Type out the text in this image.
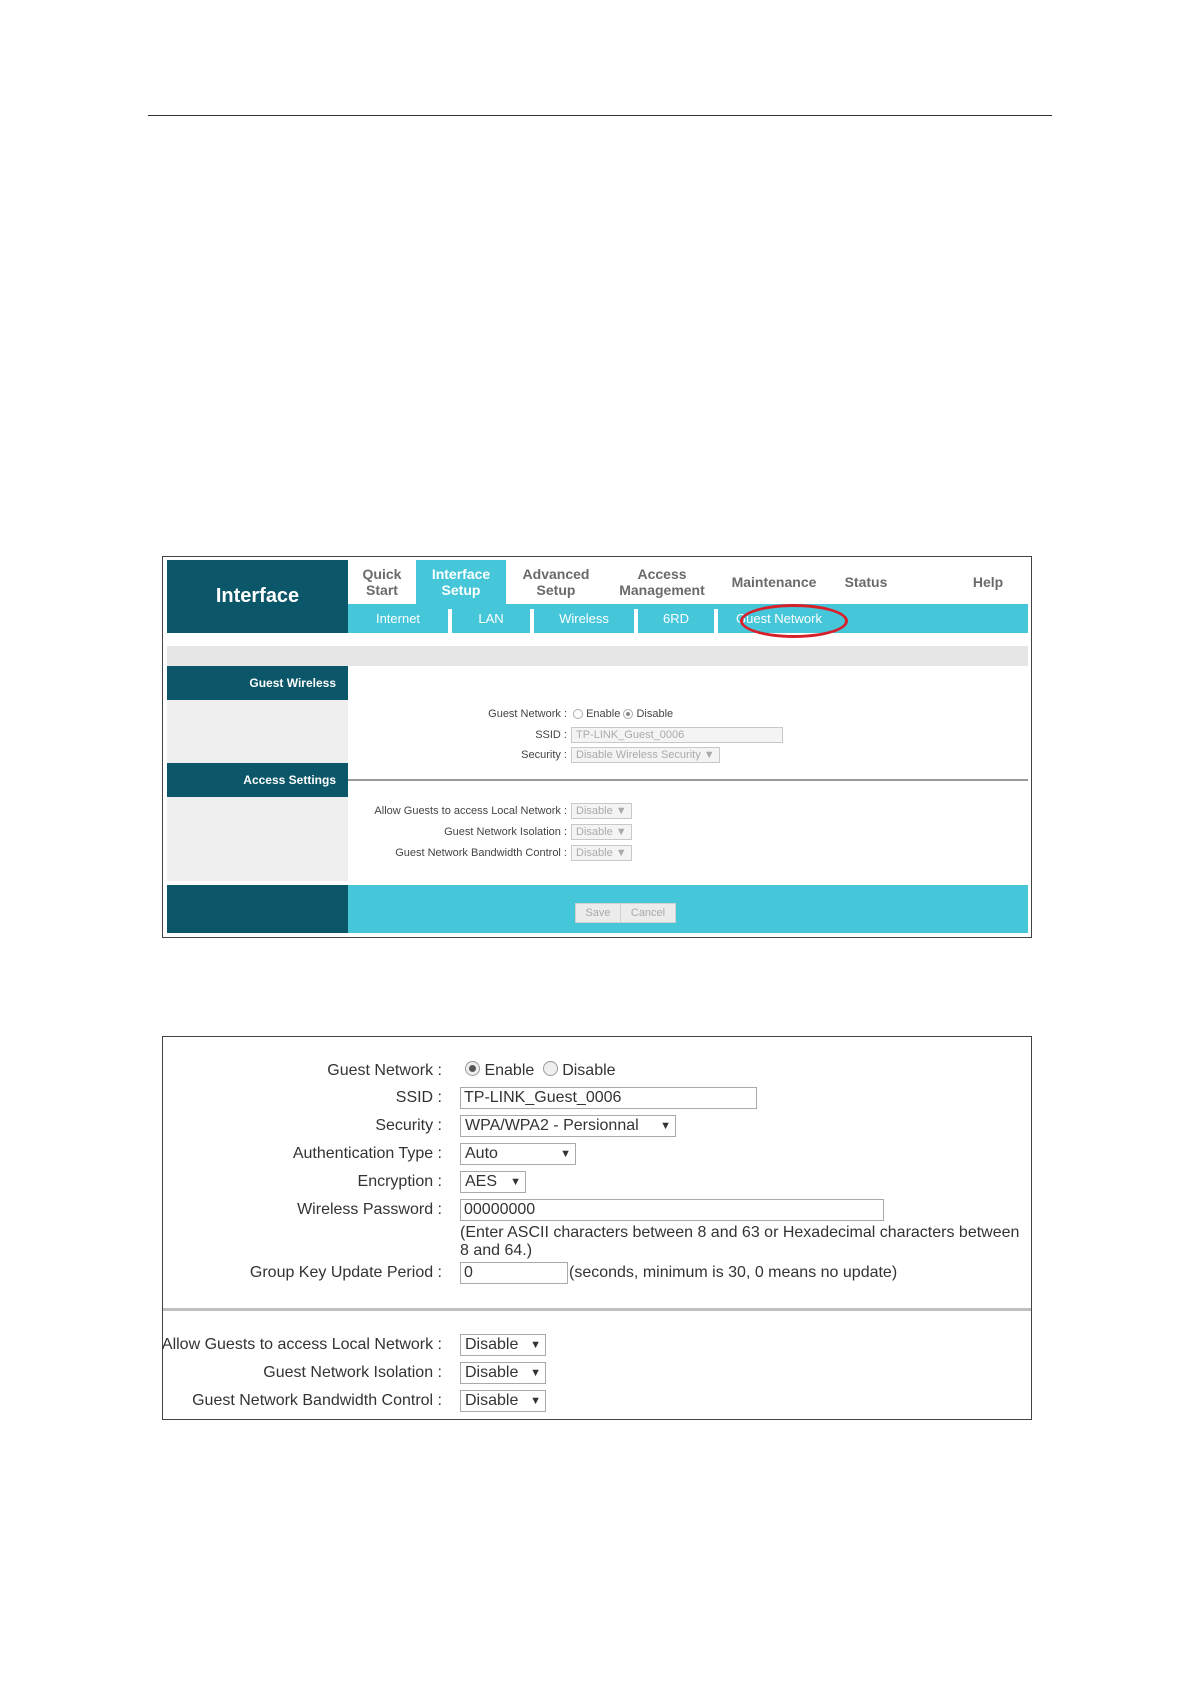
Interface
Quick
Start
Interface
Setup
Advanced
Setup
Access
Management Maintenance Status	Help
Internet	LAN	Wireless	6RD	Guest Network
Guest Wireless
Access Settings
Guest Network :	Enable Disable
SSID : TP-LINK_Guest_0006
Security : Disable Wireless Security
▼
Allow Guests to access Local Network : Disable
▼
Guest Network Isolation : Disable
▼
Guest Network Bandwidth Control : Disable
▼
Save	Cancel
Guest Network :	Enable Disable
SSID : TP-LINK_Guest_0006
Security : WPA/WPA2 - Persionnal ▼
Authentication Type : Auto	▼
Encryption : AES ▼
Wireless Password : 00000000
(Enter ASCII characters between 8 and 63 or Hexadecimal characters between
8 and 64.)
Group Key Update Period : 0	(seconds, minimum is 30, 0 means no update)
Allow Guests to access Local Network : Disable ▼
Guest Network Isolation : Disable ▼
Guest Network Bandwidth Control : Disable ▼
